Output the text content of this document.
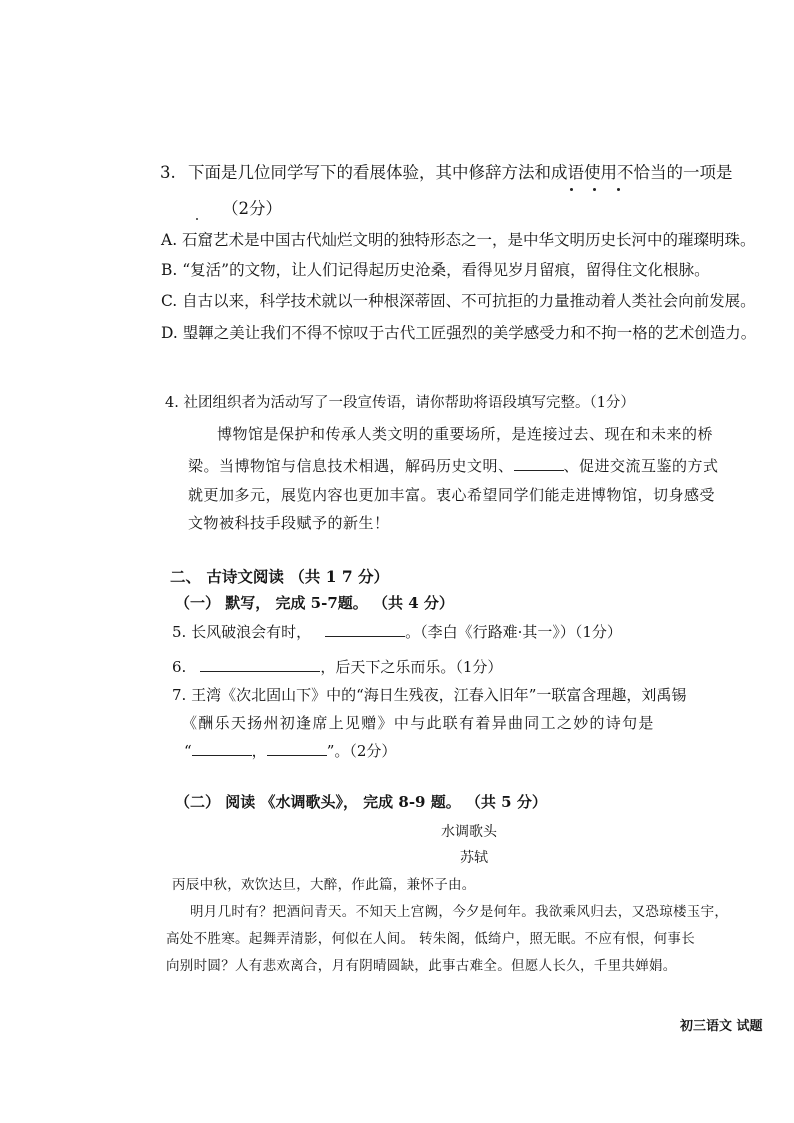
3. 下面是几位同学写下的看展体验，其中修辞方法和成语使用不恰当的一项是
（2分）
A. 石窟艺术是中国古代灿烂文明的独特形态之一，是中华文明历史长河中的璀璨明珠。
B. “复活”的文物，让人们记得起历史沧桑，看得见岁月留痕，留得住文化根脉。
C. 自古以来，科学技术就以一种根深蒂固、不可抗拒的力量推动着人类社会向前发展。
D. 琞韗之美让我们不得不惊叹于古代工匠强烈的美学感受力和不拘一格的艺术创造力。
4. 社团组织者为活动写了一段宣传语，请你帮助将语段填写完整。（1分）
博物馆是保护和传承人类文明的重要场所，是连接过去、现在和未来的桥
梁。当博物馆与信息技术相遇，解码历史文明、	、促进交流互鉴的方式
就更加多元，展览内容也更加丰富。衷心希望同学们能走进博物馆，切身感受
文物被科技手段赋予的新生！
二、 古诗文阅读 （共 1 7 分）
（一） 默写， 完成 5-7题。 （共 4 分）
5. 长风破浪会有时，	。（李白《行路难·其一》）（1分）
6.	，后天下之乐而乐。（1分）
7. 王湾《次北固山下》中的“海日生残夜，江春入旧年”一联富含理趣，刘禹锡
《酬乐天扬州初逢席上见赠》中与此联有着异曲同工之妙的诗句是
“	，	”。（2分）
（二） 阅读 《水调歌头》， 完成 8-9 题。 （共 5 分）
水调歌头
苏轼
丙辰中秋，欢饮达旦，大醉，作此篇，兼怀子由。
明月几时有？把酒问青天。不知天上宫阙，今夕是何年。我欲乘风归去，又恐琼楼玉宇，
高处不胜寒。起舞弄清影，何似在人间。 转朱阁，低绮户，照无眠。不应有恨，何事长
向别时圆？人有悲欢离合，月有阴晴圆缺，此事古难全。但愿人长久，千里共婵娟。
初三语文 试题
